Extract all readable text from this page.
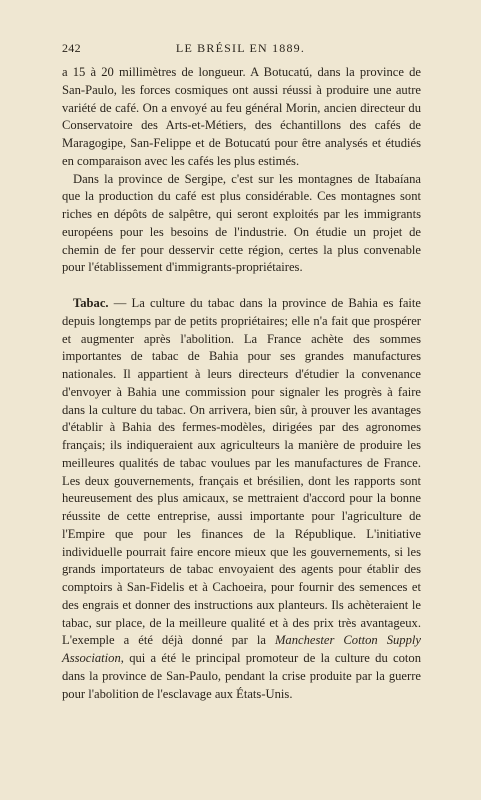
242	LE BRÉSIL EN 1889.

a 15 à 20 millimètres de longueur. A Botucatú, dans la province de San-Paulo, les forces cosmiques ont aussi réussi à produire une autre variété de café. On a envoyé au feu général Morin, ancien directeur du Conservatoire des Arts-et-Métiers, des échantillons des cafés de Maragogipe, San-Felippe et de Botucatú pour être analysés et étudiés en comparaison avec les cafés les plus estimés.

Dans la province de Sergipe, c'est sur les montagnes de Itabaíana que la production du café est plus considérable. Ces montagnes sont riches en dépôts de salpêtre, qui seront exploités par les immigrants européens pour les besoins de l'industrie. On étudie un projet de chemin de fer pour desservir cette région, certes la plus convenable pour l'établissement d'immigrants-propriétaires.

Tabac. — La culture du tabac dans la province de Bahia es faite depuis longtemps par de petits propriétaires; elle n'a fait que prospérer et augmenter après l'abolition. La France achète des sommes importantes de tabac de Bahia pour ses grandes manufactures nationales. Il appartient à leurs directeurs d'étudier la convenance d'envoyer à Bahia une commission pour signaler les progrès à faire dans la culture du tabac. On arrivera, bien sûr, à prouver les avantages d'établir à Bahia des fermes-modèles, dirigées par des agronomes français; ils indiqueraient aux agriculteurs la manière de produire les meilleures qualités de tabac voulues par les manufactures de France. Les deux gouvernements, français et brésilien, dont les rapports sont heureusement des plus amicaux, se mettraient d'accord pour la bonne réussite de cette entreprise, aussi importante pour l'agriculture de l'Empire que pour les finances de la République. L'initiative individuelle pourrait faire encore mieux que les gouvernements, si les grands importateurs de tabac envoyaient des agents pour établir des comptoirs à San-Fidelis et à Cachoeira, pour fournir des semences et des engrais et donner des instructions aux planteurs. Ils achèteraient le tabac, sur place, de la meilleure qualité et à des prix très avantageux. L'exemple a été déjà donné par la Manchester Cotton Supply Association, qui a été le principal promoteur de la culture du coton dans la province de San-Paulo, pendant la crise produite par la guerre pour l'abolition de l'esclavage aux États-Unis.
